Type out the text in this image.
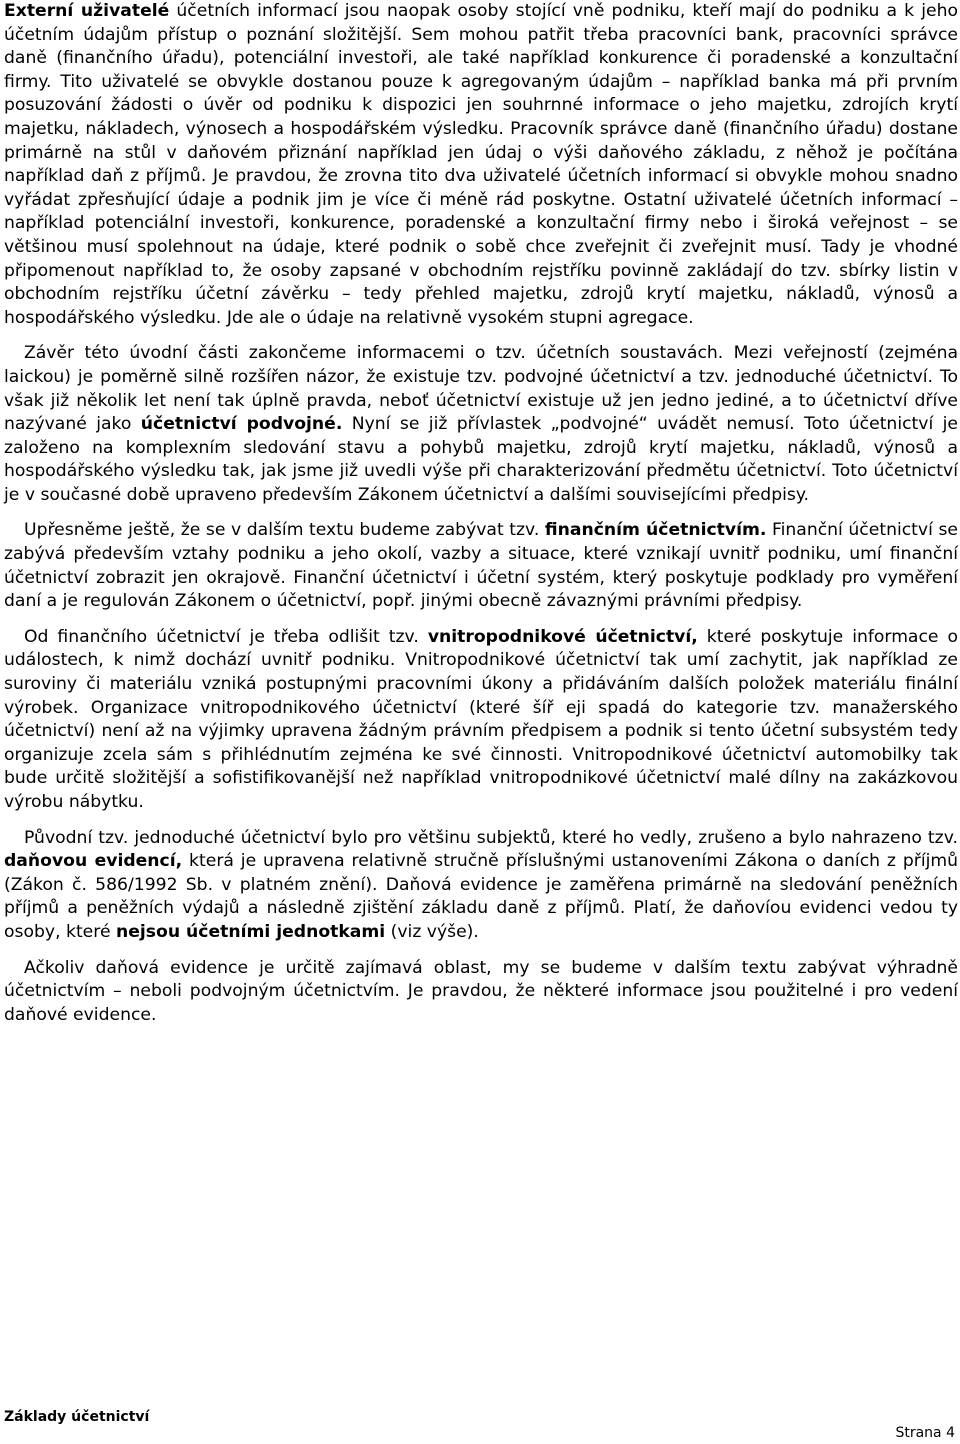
Externí uživatelé účetních informací jsou naopak osoby stojící vně podniku, kteří mají do podniku a k jeho účetním údajům přístup o poznání složitější. Sem mohou patřit třeba pracovníci bank, pracovníci správce daně (finančního úřadu), potenciální investoři, ale také například konkurence či poradenské a konzultační firmy. Tito uživatelé se obvykle dostanou pouze k agregovaným údajům – například banka má při prvním posuzování žádosti o úvěr od podniku k dispozici jen souhrnné informace o jeho majetku, zdrojích krytí majetku, nákladech, výnosech a hospodářském výsledku. Pracovník správce daně (finančního úřadu) dostane primárně na stůl v daňovém přiznání například jen údaj o výši daňového základu, z něhož je počítána například daň z příjmů. Je pravdou, že zrovna tito dva uživatelé účetních informací si obvykle mohou snadno vyřádat zpřesňující údaje a podnik jim je více či méně rád poskytne. Ostatní uživatelé účetních informací – například potenciální investoři, konkurence, poradenské a konzultační firmy nebo i široká veřejnost – se většinou musí spolehnout na údaje, které podnik o sobě chce zveřejnit či zveřejnit musí. Tady je vhodné připomenout například to, že osoby zapsané v obchodním rejstříku povinně zakládají do tzv. sbírky listin v obchodním rejstříku účetní závěrku – tedy přehled majetku, zdrojů krytí majetku, nákladů, výnosů a hospodářského výsledku. Jde ale o údaje na relativně vysokém stupni agregace.

Závěr této úvodní části zakončeme informacemi o tzv. účetních soustavách. Mezi veřejností (zejména laickou) je poměrně silně rozšířen názor, že existuje tzv. podvojné účetnictví a tzv. jednoduché účetnictví. To však již několik let není tak úplně pravda, neboť účetnictví existuje už jen jedno jediné, a to účetnictví dříve nazývané jako účetnictví podvojné. Nyní se již přívlastek „podvojné“ uvádět nemusí. Toto účetnictví je založeno na komplexním sledování stavu a pohybů majetku, zdrojů krytí majetku, nákladů, výnosů a hospodářského výsledku tak, jak jsme již uvedli výše při charakterizování předmětu účetnictví. Toto účetnictví je v současné době upraveno především Zákonem účetnictví a dalšími souvisejícími předpisy.

Upřesněme ještě, že se v dalším textu budeme zabývat tzv. finančním účetnictvím. Finanční účetnictví se zabývá především vztahy podniku a jeho okolí, vazby a situace, které vznikají uvnitř podniku, umí finanční účetnictví zobrazit jen okrajově. Finanční účetnictví i účetní systém, který poskytuje podklady pro vyměření daní a je regulován Zákonem o účetnictví, popř. jinými obecně závaznými právními předpisy.

Od finančního účetnictví je třeba odlišit tzv. vnitropodnikové účetnictví, které poskytuje informace o událostech, k nimž dochází uvnitř podniku. Vnitropodnikové účetnictví tak umí zachytit, jak například ze suroviny či materiálu vzniká postupnými pracovními úkony a přidáváním dalších položek materiálu finální výrobek. Organizace vnitropodnikového účetnictví (které šíř eji spadá do kategorie tzv. manažerského účetnictví) není až na výjimky upravena žádným právním předpisem a podnik si tento účetní subsystém tedy organizuje zcela sám s přihlédnutím zejména ke své činnosti. Vnitropodnikové účetnictví automobilky tak bude určitě složitější a sofistifikovanější než například vnitropodnikové účetnictví malé dílny na zakázkovou výrobu nábytku.

Původní tzv. jednoduché účetnictví bylo pro většinu subjektů, které ho vedly, zrušeno a bylo nahrazeno tzv. daňovou evidencí, která je upravena relativně stručně příslušnými ustanoveními Zákona o daních z příjmů (Zákon č. 586/1992 Sb. v platném znění). Daňová evidence je zaměřena primárně na sledování peněžních příjmů a peněžních výdajů a následně zjištění základu daně z příjmů. Platí, že daňovíou evidenci vedou ty osoby, které nejsou účetními jednotkami (viz výše).

Ačkoliv daňová evidence je určitě zajímavá oblast, my se budeme v dalším textu zabývat výhradně účetnictvím – neboli podvojným účetnictvím. Je pravdou, že některé informace jsou použitelné i pro vedení daňové evidence.

Základy účetnictví
Strana 4
